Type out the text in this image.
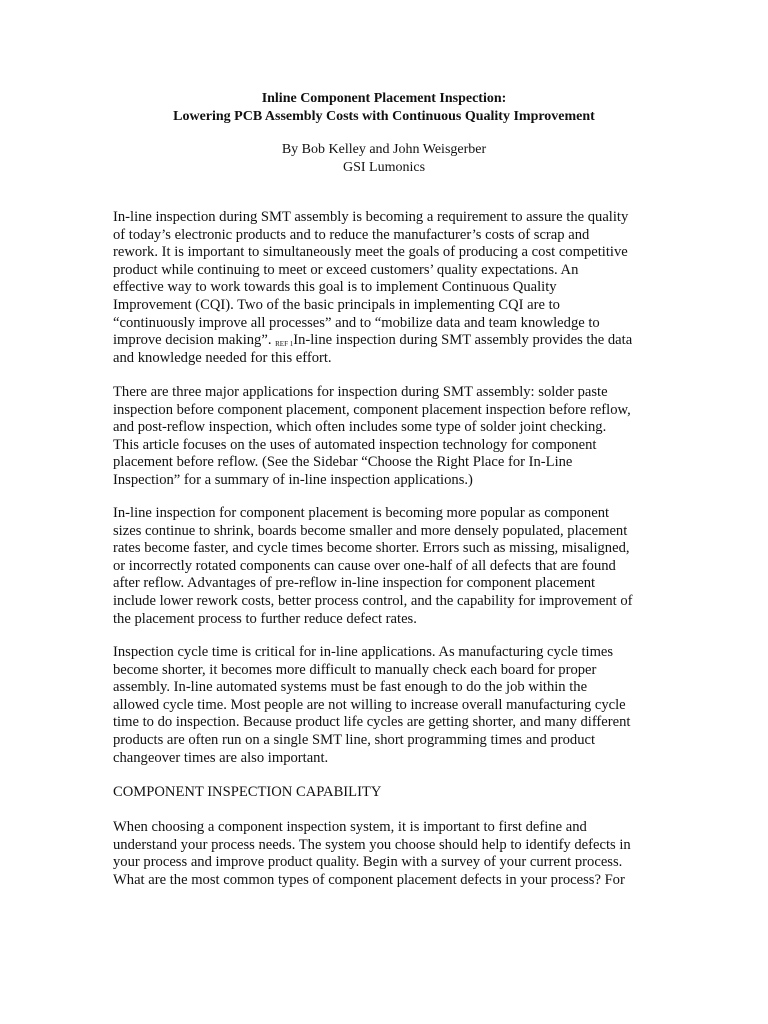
Inline Component Placement Inspection:
Lowering PCB Assembly Costs with Continuous Quality Improvement
By Bob Kelley and John Weisgerber
GSI Lumonics
In-line inspection during SMT assembly is becoming a requirement to assure the quality
of today’s electronic products and to reduce the manufacturer’s costs of scrap and
rework. It is important to simultaneously meet the goals of producing a cost competitive
product while continuing to meet or exceed customers’ quality expectations. An
effective way to work towards this goal is to implement Continuous Quality
Improvement (CQI). Two of the basic principals in implementing CQI are to
“continuously improve all processes” and to “mobilize data and team knowledge to
improve decision making”. REF 1In-line inspection during SMT assembly provides the data
and knowledge needed for this effort.
There are three major applications for inspection during SMT assembly: solder paste
inspection before component placement, component placement inspection before reflow,
and post-reflow inspection, which often includes some type of solder joint checking.
This article focuses on the uses of automated inspection technology for component
placement before reflow. (See the Sidebar “Choose the Right Place for In-Line
Inspection” for a summary of in-line inspection applications.)
In-line inspection for component placement is becoming more popular as component
sizes continue to shrink, boards become smaller and more densely populated, placement
rates become faster, and cycle times become shorter. Errors such as missing, misaligned,
or incorrectly rotated components can cause over one-half of all defects that are found
after reflow. Advantages of pre-reflow in-line inspection for component placement
include lower rework costs, better process control, and the capability for improvement of
the placement process to further reduce defect rates.
Inspection cycle time is critical for in-line applications. As manufacturing cycle times
become shorter, it becomes more difficult to manually check each board for proper
assembly. In-line automated systems must be fast enough to do the job within the
allowed cycle time. Most people are not willing to increase overall manufacturing cycle
time to do inspection. Because product life cycles are getting shorter, and many different
products are often run on a single SMT line, short programming times and product
changeover times are also important.
COMPONENT INSPECTION CAPABILITY
When choosing a component inspection system, it is important to first define and
understand your process needs. The system you choose should help to identify defects in
your process and improve product quality. Begin with a survey of your current process.
What are the most common types of component placement defects in your process? For
